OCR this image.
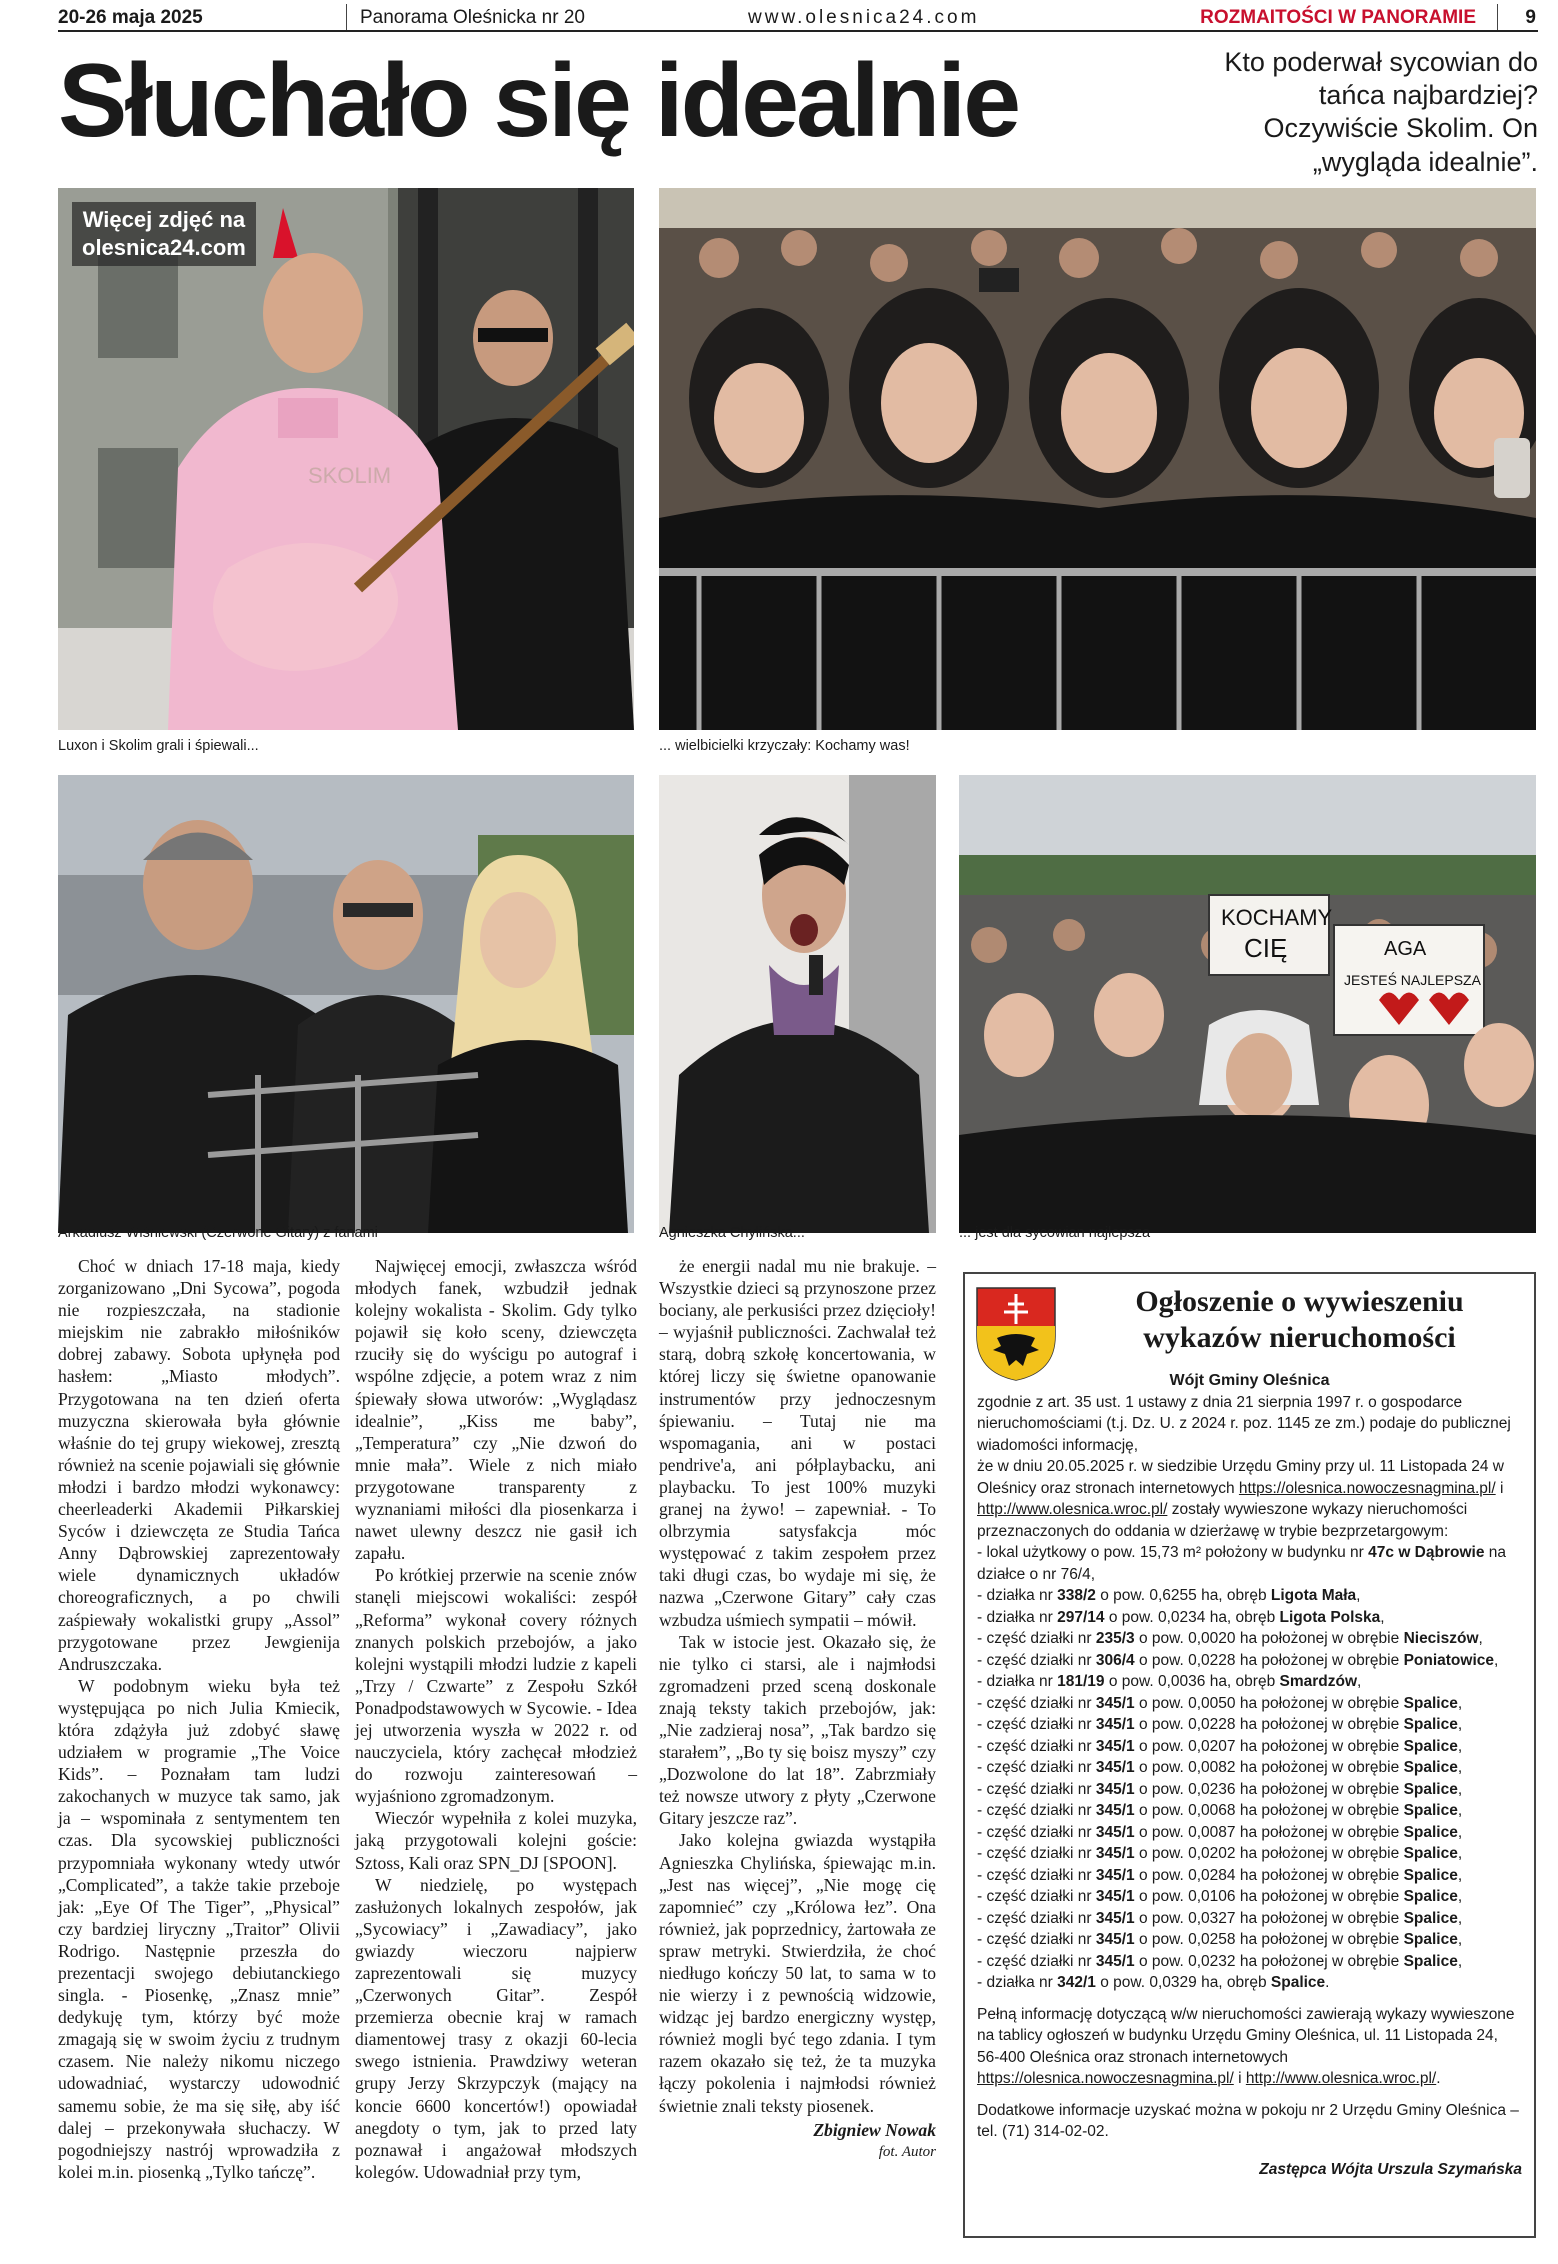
20-26 maja 2025	Panorama Oleśnicka nr 20	www.olesnica24.com	ROZMAITOŚCI W PANORAMIE	9
Słuchało się idealnie	Kto poderwał sycowian do tańca najbardziej? Oczywiście Skolim. On „wygląda idealnie”.
SKOLIM
Więcej zdjęć na
olesnica24.com
Luxon i Skolim grali i śpiewali...	... wielbicielki krzyczały: Kochamy was!
Arkadiusz Wiśniewski (Czerwone Gitary) z fanami	Agnieszka Chylińska...
KOCHAMY
CIĘ	AGA
JESTEŚ NAJLEPSZA
... jest dla sycowian najlepsza

Choć w dniach 17-18 maja, kiedy zorganizowano „Dni Sycowa”, pogoda nie rozpieszczała, na stadionie miejskim nie zabrakło miłośników dobrej zabawy. Sobota upłynęła pod hasłem: „Miasto młodych”. Przygotowana na ten dzień oferta muzyczna skierowała była głównie właśnie do tej grupy wiekowej, zresztą również na scenie pojawiali się głównie młodzi i bardzo młodzi wykonawcy: cheerleaderki Akademii Piłkarskiej Syców i dziewczęta ze Studia Tańca Anny Dąbrowskiej zaprezentowały wiele dynamicznych układów choreograficznych, a po chwili zaśpiewały wokalistki grupy „Assol” przygotowane przez Jewgienija Andruszczaka.

W podobnym wieku była też występująca po nich Julia Kmiecik, która zdążyła już zdobyć sławę udziałem w programie „The Voice Kids”. – Poznałam tam ludzi zakochanych w muzyce tak samo, jak ja – wspominała z sentymentem ten czas. Dla sycowskiej publiczności przypomniała wykonany wtedy utwór „Complicated”, a także takie przeboje jak: „Eye Of The Tiger”, „Physical” czy bardziej liryczny „Traitor” Olivii Rodrigo. Następnie przeszła do prezentacji swojego debiutanckiego singla. - Piosenkę, „Znasz mnie” dedykuję tym, którzy być może zmagają się w swoim życiu z trudnym czasem. Nie należy nikomu niczego udowadniać, wystarczy udowodnić samemu sobie, że ma się siłę, aby iść dalej – przekonywała słuchaczy. W pogodniejszy nastrój wprowadziła z kolei m.in. piosenką „Tylko tańczę”.

Najwięcej emocji, zwłaszcza wśród młodych fanek, wzbudził jednak kolejny wokalista - Skolim. Gdy tylko pojawił się koło sceny, dziewczęta rzuciły się do wyścigu po autograf i wspólne zdjęcie, a potem wraz z nim śpiewały słowa utworów: „Wyglądasz idealnie”, „Kiss me baby”, „Temperatura” czy „Nie dzwoń do mnie mała”. Wiele z nich miało przygotowane transparenty z wyznaniami miłości dla piosenkarza i nawet ulewny deszcz nie gasił ich zapału.

Po krótkiej przerwie na scenie znów stanęli miejscowi wokaliści: zespół „Reforma” wykonał covery różnych znanych polskich przebojów, a jako kolejni wystąpili młodzi ludzie z kapeli „Trzy / Czwarte” z Zespołu Szkół Ponadpodstawowych w Sycowie. - Idea jej utworzenia wyszła w 2022 r. od nauczyciela, który zachęcał młodzież do rozwoju zainteresowań – wyjaśniono zgromadzonym.

Wieczór wypełniła z kolei muzyka, jaką przygotowali kolejni goście: Sztoss, Kali oraz SPN_DJ [SPOON].

W niedzielę, po występach zasłużonych lokalnych zespołów, jak „Sycowiacy” i „Zawadiacy”, jako gwiazdy wieczoru najpierw zaprezentowali się muzycy „Czerwonych Gitar”. Zespół przemierza obecnie kraj w ramach diamentowej trasy z okazji 60-lecia swego istnienia. Prawdziwy weteran grupy Jerzy Skrzypczyk (mający na koncie 6600 koncertów!) opowiadał anegdoty o tym, jak to przed laty poznawał i angażował młodszych kolegów. Udowadniał przy tym,

że energii nadal mu nie brakuje. – Wszystkie dzieci są przynoszone przez bociany, ale perkusiści przez dzięcioły! – wyjaśnił publiczności. Zachwalał też starą, dobrą szkołę koncertowania, w której liczy się świetne opanowanie instrumentów przy jednoczesnym śpiewaniu. – Tutaj nie ma wspomagania, ani w postaci pendrive'a, ani półplaybacku, ani playbacku. To jest 100% muzyki granej na żywo! – zapewniał. - To olbrzymia satysfakcja móc występować z takim zespołem przez taki długi czas, bo wydaje mi się, że nazwa „Czerwone Gitary” cały czas wzbudza uśmiech sympatii – mówił.

Tak w istocie jest. Okazało się, że nie tylko ci starsi, ale i najmłodsi zgromadzeni przed sceną doskonale znają teksty takich przebojów, jak: „Nie zadzieraj nosa”, „Tak bardzo się starałem”, „Bo ty się boisz myszy” czy „Dozwolone do lat 18”. Zabrzmiały też nowsze utwory z płyty „Czerwone Gitary jeszcze raz”.

Jako kolejna gwiazda wystąpiła Agnieszka Chylińska, śpiewając m.in. „Jest nas więcej”, „Nie mogę cię zapomnieć” czy „Królowa łez”. Ona również, jak poprzednicy, żartowała ze spraw metryki. Stwierdziła, że choć niedługo kończy 50 lat, to sama w to nie wierzy i z pewnością widzowie, widząc jej bardzo energiczny występ, również mogli być tego zdania. I tym razem okazało się też, że ta muzyka łączy pokolenia i najmłodsi również świetnie znali teksty piosenek.

Zbigniew Nowak

fot. Autor

Ogłoszenie o wywieszeniu wykazów nieruchomości
Wójt Gminy Oleśnica
zgodnie z art. 35 ust. 1 ustawy z dnia 21 sierpnia 1997 r. o gospodarce nieruchomościami (t.j. Dz. U. z 2024 r. poz. 1145 ze zm.) podaje do publicznej wiadomości informację,
że w dniu 20.05.2025 r. w siedzibie Urzędu Gminy przy ul. 11 Listopada 24 w Oleśnicy oraz stronach internetowych https://olesnica.nowoczesnagmina.pl/ i http://www.olesnica.wroc.pl/ zostały wywieszone wykazy nieruchomości przeznaczonych do oddania w dzierżawę w trybie bezprzetargowym:
- lokal użytkowy o pow. 15,73 m² położony w budynku nr 47c w Dąbrowie na działce o nr 76/4,
- działka nr 338/2 o pow. 0,6255 ha, obręb Ligota Mała,
- działka nr 297/14 o pow. 0,0234 ha, obręb Ligota Polska,
- część działki nr 235/3 o pow. 0,0020 ha położonej w obrębie Nieciszów,
- część działki nr 306/4 o pow. 0,0228 ha położonej w obrębie Poniatowice,
- działka nr 181/19 o pow. 0,0036 ha, obręb Smardzów,
- część działki nr 345/1 o pow. 0,0050 ha położonej w obrębie Spalice,
- część działki nr 345/1 o pow. 0,0228 ha położonej w obrębie Spalice,
- część działki nr 345/1 o pow. 0,0207 ha położonej w obrębie Spalice,
- część działki nr 345/1 o pow. 0,0082 ha położonej w obrębie Spalice,
- część działki nr 345/1 o pow. 0,0236 ha położonej w obrębie Spalice,
- część działki nr 345/1 o pow. 0,0068 ha położonej w obrębie Spalice,
- część działki nr 345/1 o pow. 0,0087 ha położonej w obrębie Spalice,
- część działki nr 345/1 o pow. 0,0202 ha położonej w obrębie Spalice,
- część działki nr 345/1 o pow. 0,0284 ha położonej w obrębie Spalice,
- część działki nr 345/1 o pow. 0,0106 ha położonej w obrębie Spalice,
- część działki nr 345/1 o pow. 0,0327 ha położonej w obrębie Spalice,
- część działki nr 345/1 o pow. 0,0258 ha położonej w obrębie Spalice,
- część działki nr 345/1 o pow. 0,0232 ha położonej w obrębie Spalice,
- działka nr 342/1 o pow. 0,0329 ha, obręb Spalice.
Pełną informację dotyczącą w/w nieruchomości zawierają wykazy wywieszone na tablicy ogłoszeń w budynku Urzędu Gminy Oleśnica, ul. 11 Listopada 24, 56-400 Oleśnica oraz stronach internetowych https://olesnica.nowoczesnagmina.pl/ i http://www.olesnica.wroc.pl/.
Dodatkowe informacje uzyskać można w pokoju nr 2 Urzędu Gminy Oleśnica – tel. (71) 314-02-02.
Zastępca Wójta Urszula Szymańska
